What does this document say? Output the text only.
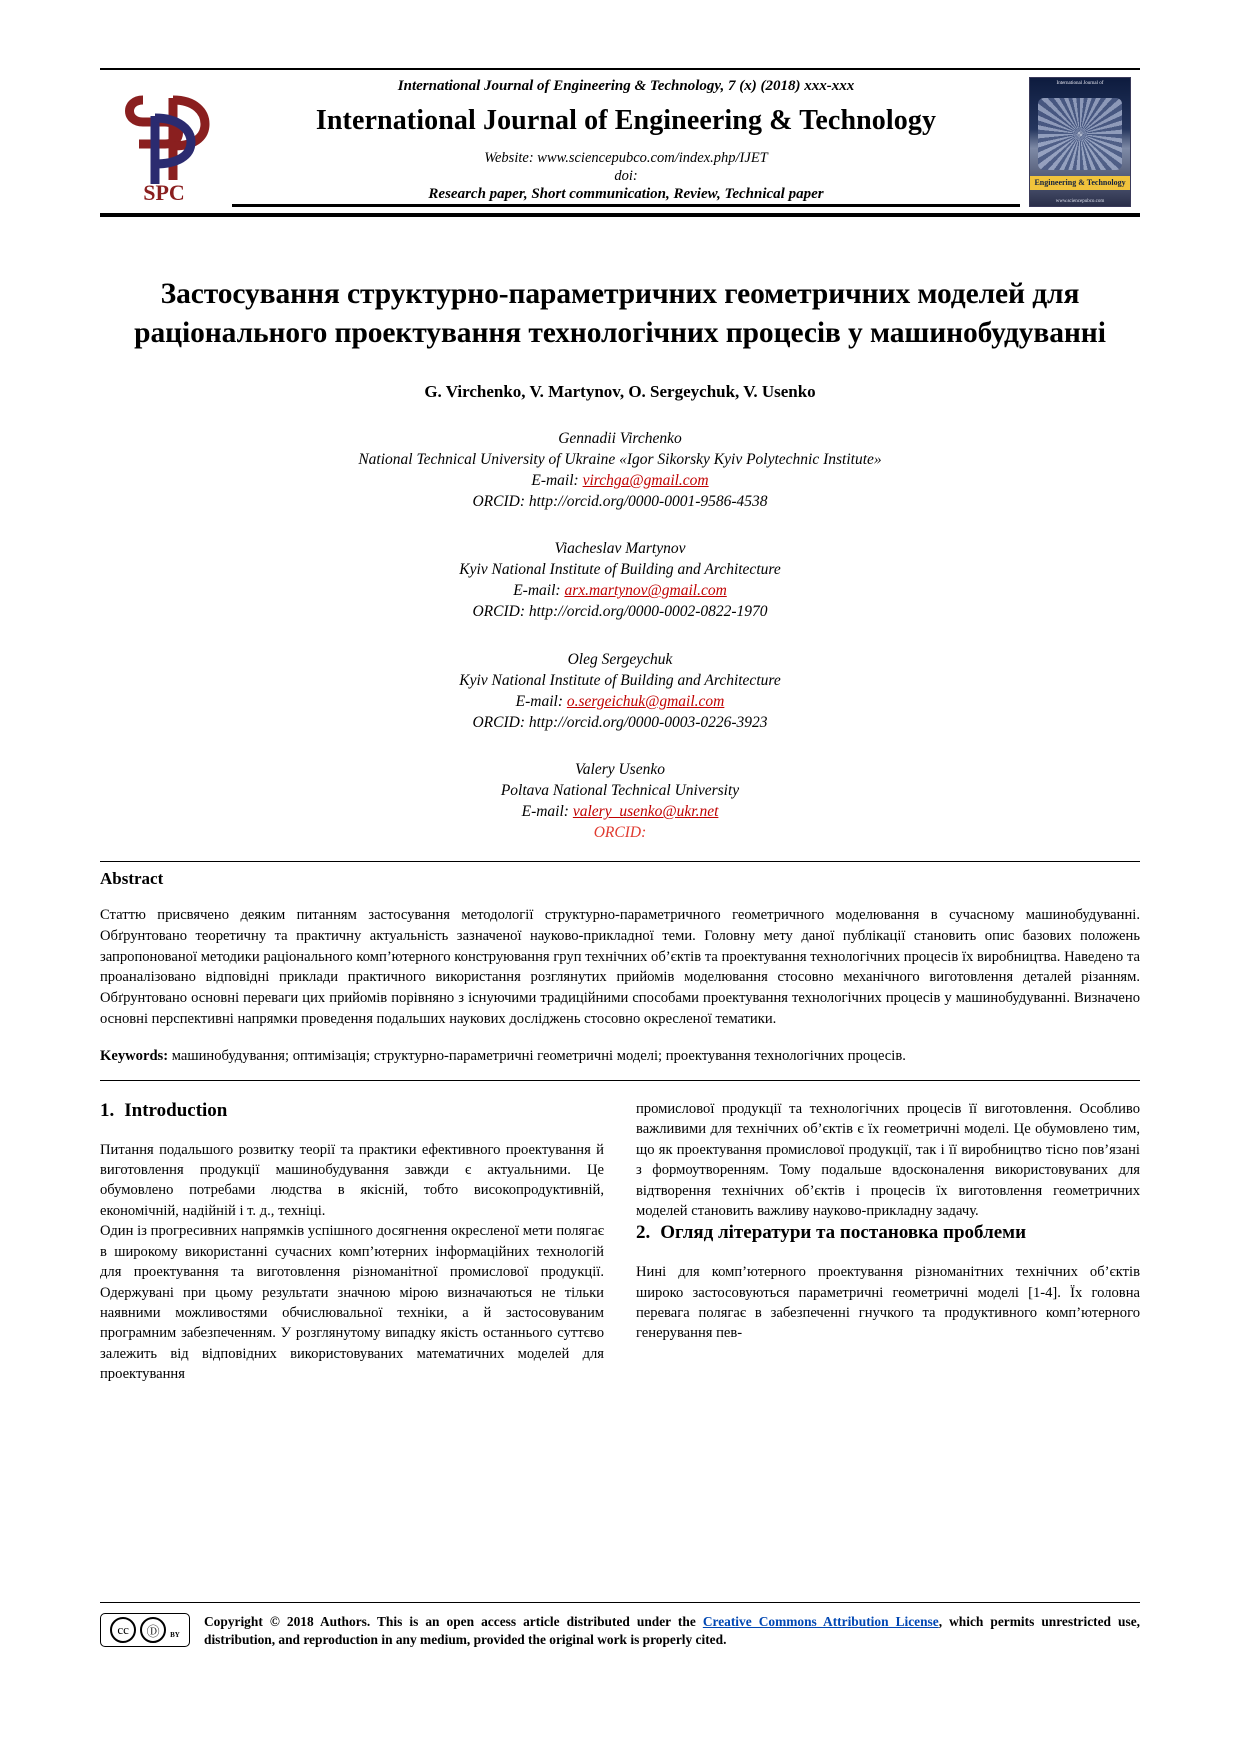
SPC
International Journal of Engineering & Technology, 7 (x) (2018) xxx-xxx
International Journal of Engineering & Technology
Website: www.sciencepubco.com/index.php/IJET
doi:
Research paper, Short communication, Review, Technical paper
International Journal of
Engineering & Technology
www.sciencepubco.com
Застосування структурно-параметричних геометричних моделей для раціонального проектування технологічних процесів у машинобудуванні
G. Virchenko, V. Martynov, O. Sergeychuk, V. Usenko
Gennadii Virchenko
National Technical University of Ukraine «Igor Sikorsky Kyiv Polytechnic Institute»
E-mail: virchga@gmail.com
ORCID: http://orcid.org/0000-0001-9586-4538
Viacheslav Martynov
Kyiv National Institute of Building and Architecture
E-mail: arx.martynov@gmail.com
ORCID: http://orcid.org/0000-0002-0822-1970
Oleg Sergeychuk
Kyiv National Institute of Building and Architecture
E-mail: o.sergeichuk@gmail.com
ORCID: http://orcid.org/0000-0003-0226-3923
Valery Usenko
Poltava National Technical University
E-mail: valery_usenko@ukr.net
ORCID:
Abstract
Статтю присвячено деяким питанням застосування методології структурно-параметричного геометричного моделювання в сучасному машинобудуванні. Обґрунтовано теоретичну та практичну актуальність зазначеної науково-прикладної теми. Головну мету даної публікації становить опис базових положень запропонованої методики раціонального комп’ютерного конструювання груп технічних об’єктів та проектування технологічних процесів їх виробництва. Наведено та проаналізовано відповідні приклади практичного використання розглянутих прийомів моделювання стосовно механічного виготовлення деталей різанням. Обґрунтовано основні переваги цих прийомів порівняно з існуючими традиційними способами проектування технологічних процесів у машинобудуванні. Визначено основні перспективні напрямки проведення подальших наукових досліджень стосовно окресленої тематики.
Keywords: машинобудування; оптимізація; структурно-параметричні геометричні моделі; проектування технологічних процесів.
1. Introduction

Питання подальшого розвитку теорії та практики ефективного проектування й виготовлення продукції машинобудування завжди є актуальними. Це обумовлено потребами людства в якісній, тобто високопродуктивній, економічній, надійній і т. д., техніці.

Один із прогресивних напрямків успішного досягнення окресленої мети полягає в широкому використанні сучасних комп’ютерних інформаційних технологій для проектування та виготовлення різноманітної промислової продукції. Одержувані при цьому результати значною мірою визначаються не тільки наявними можливостями обчислювальної техніки, а й застосовуваним програмним забезпеченням. У розглянутому випадку якість останнього суттєво залежить від відповідних використовуваних математичних моделей для проектування

промислової продукції та технологічних процесів її виготовлення. Особливо важливими для технічних об’єктів є їх геометричні моделі. Це обумовлено тим, що як проектування промислової продукції, так і її виробництво тісно пов’язані з формоутворенням. Тому подальше вдосконалення використовуваних для відтворення технічних об’єктів і процесів їх виготовлення геометричних моделей становить важливу науково-прикладну задачу.

2. Огляд літератури та постановка проблеми

Нині для комп’ютерного проектування різноманітних технічних об’єктів широко застосовуються параметричні геометричні моделі [1-4]. Їх головна перевага полягає в забезпеченні гнучкого та продуктивного комп’ютерного генерування пев-

cc	Ⓓ	BY
Copyright © 2018 Authors. This is an open access article distributed under the Creative Commons Attribution License, which permits unrestricted use, distribution, and reproduction in any medium, provided the original work is properly cited.
